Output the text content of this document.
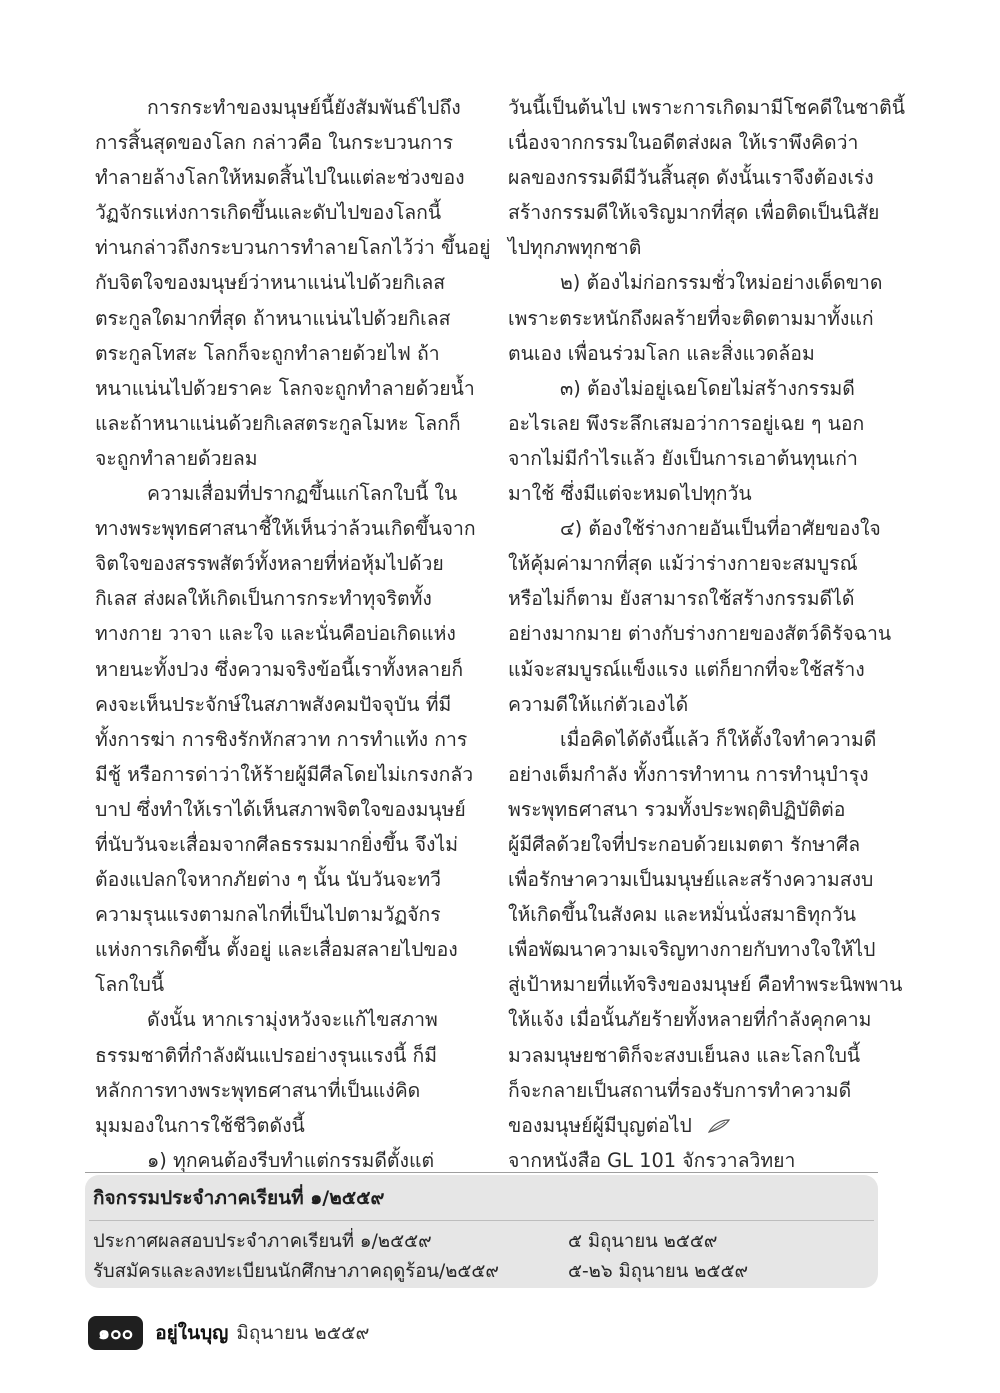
การกระทำของมนุษย์นี้ยังสัมพันธ์ไปถึง
การสิ้นสุดของโลก กล่าวคือ ในกระบวนการ
ทำลายล้างโลกให้หมดสิ้นไปในแต่ละช่วงของ
วัฏจักรแห่งการเกิดขึ้นและดับไปของโลกนี้
ท่านกล่าวถึงกระบวนการทำลายโลกไว้ว่า ขึ้นอยู่
กับจิตใจของมนุษย์ว่าหนาแน่นไปด้วยกิเลส
ตระกูลใดมากที่สุด ถ้าหนาแน่นไปด้วยกิเลส
ตระกูลโทสะ โลกก็จะถูกทำลายด้วยไฟ ถ้า
หนาแน่นไปด้วยราคะ โลกจะถูกทำลายด้วยน้ำ
และถ้าหนาแน่นด้วยกิเลสตระกูลโมหะ โลกก็
จะถูกทำลายด้วยลม
ความเสื่อมที่ปรากฏขึ้นแก่โลกใบนี้ ใน
ทางพระพุทธศาสนาชี้ให้เห็นว่าล้วนเกิดขึ้นจาก
จิตใจของสรรพสัตว์ทั้งหลายที่ห่อหุ้มไปด้วย
กิเลส ส่งผลให้เกิดเป็นการกระทำทุจริตทั้ง
ทางกาย วาจา และใจ และนั่นคือบ่อเกิดแห่ง
หายนะทั้งปวง ซึ่งความจริงข้อนี้เราทั้งหลายก็
คงจะเห็นประจักษ์ในสภาพสังคมปัจจุบัน ที่มี
ทั้งการฆ่า การชิงรักหักสวาท การทำแท้ง การ
มีชู้ หรือการด่าว่าให้ร้ายผู้มีศีลโดยไม่เกรงกลัว
บาป ซึ่งทำให้เราได้เห็นสภาพจิตใจของมนุษย์
ที่นับวันจะเสื่อมจากศีลธรรมมากยิ่งขึ้น จึงไม่
ต้องแปลกใจหากภัยต่าง ๆ นั้น นับวันจะทวี
ความรุนแรงตามกลไกที่เป็นไปตามวัฏจักร
แห่งการเกิดขึ้น ตั้งอยู่ และเสื่อมสลายไปของ
โลกใบนี้
ดังนั้น หากเรามุ่งหวังจะแก้ไขสภาพ
ธรรมชาติที่กำลังผันแปรอย่างรุนแรงนี้ ก็มี
หลักการทางพระพุทธศาสนาที่เป็นแง่คิด
มุมมองในการใช้ชีวิตดังนี้
๑) ทุกคนต้องรีบทำแต่กรรมดีตั้งแต่
วันนี้เป็นต้นไป เพราะการเกิดมามีโชคดีในชาตินี้
เนื่องจากกรรมในอดีตส่งผล ให้เราพึงคิดว่า
ผลของกรรมดีมีวันสิ้นสุด ดังนั้นเราจึงต้องเร่ง
สร้างกรรมดีให้เจริญมากที่สุด เพื่อติดเป็นนิสัย
ไปทุกภพทุกชาติ
๒) ต้องไม่ก่อกรรมชั่วใหม่อย่างเด็ดขาด
เพราะตระหนักถึงผลร้ายที่จะติดตามมาทั้งแก่
ตนเอง เพื่อนร่วมโลก และสิ่งแวดล้อม
๓) ต้องไม่อยู่เฉยโดยไม่สร้างกรรมดี
อะไรเลย พึงระลึกเสมอว่าการอยู่เฉย ๆ นอก
จากไม่มีกำไรแล้ว ยังเป็นการเอาต้นทุนเก่า
มาใช้ ซึ่งมีแต่จะหมดไปทุกวัน
๔) ต้องใช้ร่างกายอันเป็นที่อาศัยของใจ
ให้คุ้มค่ามากที่สุด แม้ว่าร่างกายจะสมบูรณ์
หรือไม่ก็ตาม ยังสามารถใช้สร้างกรรมดีได้
อย่างมากมาย ต่างกับร่างกายของสัตว์ดิรัจฉาน
แม้จะสมบูรณ์แข็งแรง แต่ก็ยากที่จะใช้สร้าง
ความดีให้แก่ตัวเองได้
เมื่อคิดได้ดังนี้แล้ว ก็ให้ตั้งใจทำความดี
อย่างเต็มกำลัง ทั้งการทำทาน การทำนุบำรุง
พระพุทธศาสนา รวมทั้งประพฤติปฏิบัติต่อ
ผู้มีศีลด้วยใจที่ประกอบด้วยเมตตา รักษาศีล
เพื่อรักษาความเป็นมนุษย์และสร้างความสงบ
ให้เกิดขึ้นในสังคม และหมั่นนั่งสมาธิทุกวัน
เพื่อพัฒนาความเจริญทางกายกับทางใจให้ไป
สู่เป้าหมายที่แท้จริงของมนุษย์ คือทำพระนิพพาน
ให้แจ้ง เมื่อนั้นภัยร้ายทั้งหลายที่กำลังคุกคาม
มวลมนุษยชาติก็จะสงบเย็นลง และโลกใบนี้
ก็จะกลายเป็นสถานที่รองรับการทำความดี
ของมนุษย์ผู้มีบุญต่อไป
จากหนังสือ GL 101 จักรวาลวิทยา
กิจกรรมประจำภาคเรียนที่ ๑/๒๕๕๙
ประกาศผลสอบประจำภาคเรียนที่ ๑/๒๕๕๙	๕ มิถุนายน ๒๕๕๙
รับสมัครและลงทะเบียนนักศึกษาภาคฤดูร้อน/๒๕๕๙	๕-๒๖ มิถุนายน ๒๕๕๙
๑๐๐	อยู่ในบุญ มิถุนายน ๒๕๕๙
